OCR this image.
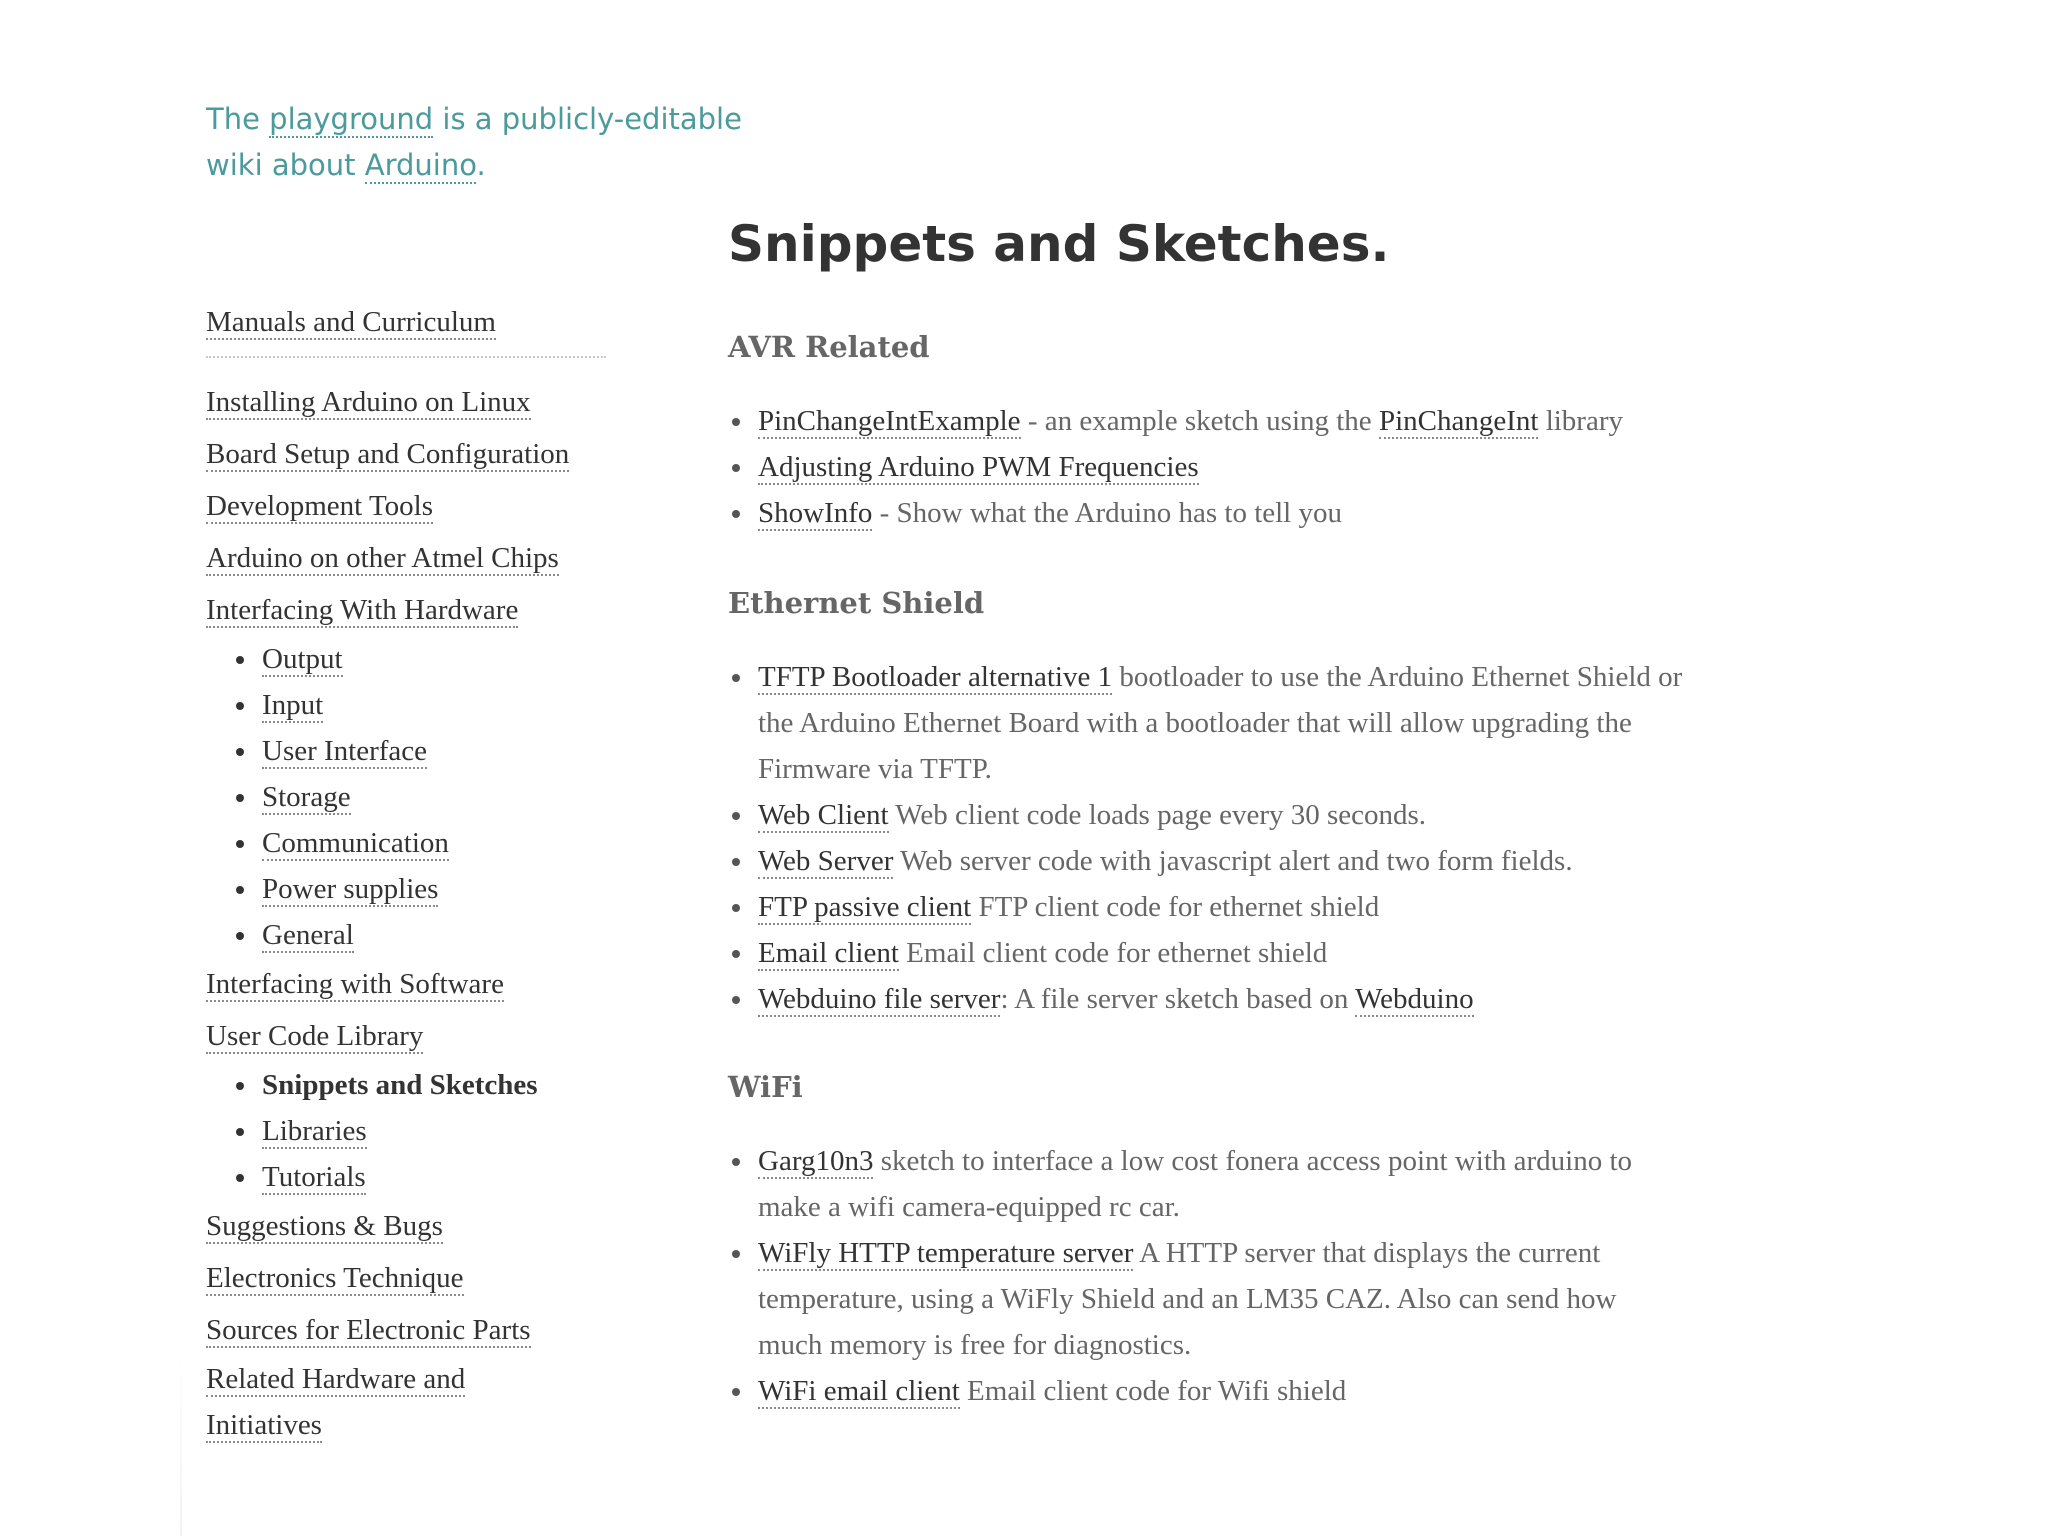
The playground is a publicly-editable wiki about Arduino.
Manuals and Curriculum
Installing Arduino on Linux
Board Setup and Configuration
Development Tools
Arduino on other Atmel Chips
Interfacing With Hardware
Output
Input
User Interface
Storage
Communication
Power supplies
General
Interfacing with Software
User Code Library
Snippets and Sketches
Libraries
Tutorials
Suggestions & Bugs
Electronics Technique
Sources for Electronic Parts
Related Hardware and Initiatives
Snippets and Sketches.
AVR Related
PinChangeIntExample - an example sketch using the PinChangeInt library
Adjusting Arduino PWM Frequencies
ShowInfo - Show what the Arduino has to tell you
Ethernet Shield
TFTP Bootloader alternative 1 bootloader to use the Arduino Ethernet Shield or the Arduino Ethernet Board with a bootloader that will allow upgrading the Firmware via TFTP.
Web Client Web client code loads page every 30 seconds.
Web Server Web server code with javascript alert and two form fields.
FTP passive client FTP client code for ethernet shield
Email client Email client code for ethernet shield
Webduino file server: A file server sketch based on Webduino
WiFi
Garg10n3 sketch to interface a low cost fonera access point with arduino to make a wifi camera-equipped rc car.
WiFly HTTP temperature server A HTTP server that displays the current temperature, using a WiFly Shield and an LM35 CAZ. Also can send how much memory is free for diagnostics.
WiFi email client Email client code for Wifi shield
